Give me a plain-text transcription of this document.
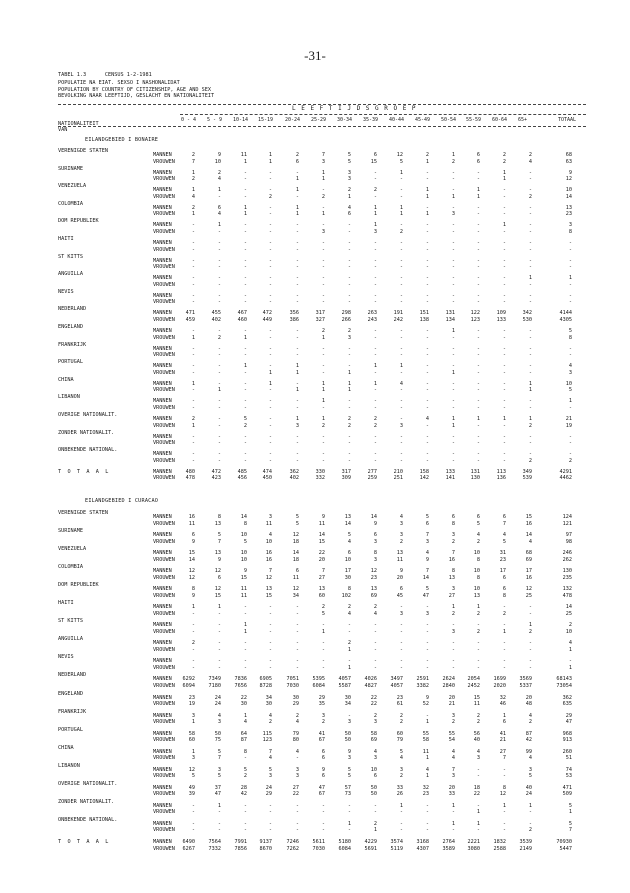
-31-
TABEL 1.3      CENSUS 1-2-1981
POPULATIE NA EIAT. SEXSO I NASHONALIDAT
POPULATION BY COUNTRY OF CITIZENSHIP, AGE AND SEX
BEVOLKING NAAR LEEFTIJD, GESLACHT EN NATIONALITEIT
L E E F T I J D S G R O E P
NATIONALITEIT
VAN
0 - 4 5 - 9 10-14 15-19 20-24 25-29 30-34 35-39 40-44 45-49 50-54 55-59 60-64 65+	TOTAAL
EILANDGEBIED I BONAIRE
EILANDGEBIED I CURACAO
VERENIGDE STATEN
MANNEN	2	9	11	1	2	7	5	6	12	2	1	6	2	2	68
VROUWEN	7	10	1	1	6	3	5	15	5	1	2	6	2	4	63
SURINAME
MANNEN	1	2	-	-	-	1	3	-	1	-	-	-	1	-	9
VROUWEN	2	4	-	-	1	1	3	-	-	-	-	-	1	-	12
VENEZUELA
MANNEN	1	1	-	-	1	-	2	2	-	1	-	1	-	-	10
VROUWEN	4	-	-	2	-	2	1	-	-	1	1	1	-	2	14
COLOMBIA
MANNEN	2	6	1	-	1	-	4	1	1	-	-	-	-	-	13
VROUWEN	1	4	1	-	1	1	6	1	1	1	3	-	-	-	23
DOM REPUBLIEK
MANNEN	-	1	-	-	-	-	-	1	-	-	-	-	1	-	3
VROUWEN	-	-	-	-	-	3	-	3	2	-	-	-	-	-	8
HAITI
MANNEN	-	-	-	-	-	-	-	-	-	-	-	-	-	-	-
VROUWEN	-	-	-	-	-	-	-	-	-	-	-	-	-	-	-
ST KITTS
MANNEN	-	-	-	-	-	-	-	-	-	-	-	-	-	-	-
VROUWEN	-	-	-	-	-	-	-	-	-	-	-	-	-	-	-
ANGUILLA
MANNEN	-	-	-	-	-	-	-	-	-	-	-	-	-	1	1
VROUWEN	-	-	-	-	-	-	-	-	-	-	-	-	-	-	-
NEVIS
MANNEN	-	-	-	-	-	-	-	-	-	-	-	-	-	-	-
VROUWEN	-	-	-	-	-	-	-	-	-	-	-	-	-	-	-
NEDERLAND
MANNEN	471	455	467	472	356	317	298	263	191	151	131	122	109	342	4144
VROUWEN	459	402	460	449	386	327	266	243	242	138	134	123	133	530	4305
ENGELAND
MANNEN	-	-	-	-	-	2	2	-	-	-	1	-	-	-	5
VROUWEN	1	2	1	-	-	1	3	-	-	-	-	-	-	-	8
FRANKRIJK
MANNEN	-	-	-	-	-	-	-	-	-	-	-	-	-	-	-
VROUWEN	-	-	-	-	-	-	-	-	-	-	-	-	-	-	-
PORTUGAL
MANNEN	-	-	1	-	1	-	-	1	1	-	-	-	-	-	4
VROUWEN	-	-	-	1	1	-	1	-	-	-	1	-	-	-	3
CHINA
MANNEN	1	-	-	1	-	1	1	1	4	-	-	-	-	1	10
VROUWEN	-	1	-	-	1	1	1	-	-	-	-	-	-	1	5
LIBANON
MANNEN	-	-	-	-	-	1	-	-	-	-	-	-	-	-	1
VROUWEN	-	-	-	-	-	-	-	-	-	-	-	-	-	-	-
OVERIGE NATIONALIT.
MANNEN	2	-	5	-	1	1	2	2	-	4	1	1	1	1	21
VROUWEN	1	-	2	-	3	2	2	2	3	-	1	-	-	2	19
ZONDER NATIONALIT.
MANNEN	-	-	-	-	-	-	-	-	-	-	-	-	-	-	-
VROUWEN	-	-	-	-	-	-	-	-	-	-	-	-	-	-	-
ONBEKENDE NATIONAL.
MANNEN	-	-	-	-	-	-	-	-	-	-	-	-	-	-	-
VROUWEN	-	-	-	-	-	-	-	-	-	-	-	-	-	2	2
T O T A A L	MANNEN	480	472	485	474	362	330	317	277	210	158	133	131	113	349	4291
VROUWEN	478	423	456	450	402	332	309	259	251	142	141	130	136	539	4462
VERENIGDE STATEN
MANNEN	16	8	14	3	5	9	13	14	4	5	6	6	6	15	124
VROUWEN	11	13	8	11	5	11	14	9	3	6	8	5	7	16	121
SURINAME
MANNEN	6	5	10	4	12	14	5	6	3	7	3	4	4	14	97
VROUWEN	9	7	5	10	18	15	4	3	2	3	2	2	5	4	98
VENEZUELA
MANNEN	15	13	10	16	14	22	6	8	13	4	7	10	31	68	246
VROUWEN	14	9	10	16	18	20	10	3	11	9	16	8	23	69	262
COLOMBIA
MANNEN	12	12	9	7	6	7	17	12	9	7	8	10	17	17	130
VROUWEN	12	6	15	12	11	27	30	23	20	14	13	8	6	16	235
DOM REPUBLIEK
MANNEN	8	12	11	13	12	13	8	13	6	5	3	10	6	12	132
VROUWEN	9	15	11	15	34	60	102	69	45	47	27	13	8	25	478
HAITI
MANNEN	1	1	-	-	-	2	2	2	-	-	1	1	-	-	14
VROUWEN	-	-	-	-	-	5	4	4	3	3	2	2	2	-	25
ST KITTS
MANNEN	-	-	1	-	-	-	-	-	-	-	-	-	-	1	2
VROUWEN	-	-	1	-	-	1	-	-	-	-	3	2	1	2	10
ANGUILLA
MANNEN	2	-	-	-	-	-	2	-	-	-	-	-	-	-	4
VROUWEN	-	-	-	-	-	-	1	-	-	-	-	-	-	-	1
NEVIS
MANNEN	-	-	-	-	-	-	-	-	-	-	-	-	-	-	-
VROUWEN	-	-	-	-	-	-	1	-	-	-	-	-	-	-	1
NEDERLAND
MANNEN	6292	7349	7836	6905	7051	5395	4057	4026	3497	2591	2624	2054	1699	3569	68143
VROUWEN	6094	7180	7656	8728	7030	6084	5587	4827	4057	3382	2840	2452	2020	5337	73054
ENGELAND
MANNEN	23	24	22	34	30	29	30	22	23	9	20	15	32	20	362
VROUWEN	19	24	30	30	29	35	34	22	61	52	21	11	46	48	635
FRANKRIJK
MANNEN	3	4	1	4	2	3	-	2	2	-	3	2	1	4	29
VROUWEN	1	3	4	2	4	2	3	3	2	1	2	2	6	2	47
PORTUGAL
MANNEN	58	50	64	115	79	41	50	58	60	55	55	56	41	87	968
VROUWEN	60	75	87	123	80	67	50	69	79	58	54	40	21	42	913
CHINA
MANNEN	1	5	8	7	4	6	9	4	5	11	4	4	27	99	260
VROUWEN	3	7	-	4	-	6	3	3	4	1	4	3	7	4	51
LIBANON
MANNEN	12	3	5	5	3	9	5	10	3	4	7	-	-	3	74
VROUWEN	5	5	2	3	3	6	5	6	2	1	3	-	-	5	53
OVERIGE NATIONALIT.
MANNEN	49	37	28	24	27	47	57	50	33	32	20	18	8	40	471
VROUWEN	39	47	42	29	22	67	73	50	26	23	33	22	12	24	509
ZONDER NATIONALIT.
MANNEN	-	1	-	-	-	-	-	-	1	-	1	-	1	1	5
VROUWEN	-	-	-	-	-	-	-	-	-	-	-	1	-	-	1
ONBEKENDE NATIONAL.
MANNEN	-	-	-	-	-	-	1	2	-	-	1	1	-	-	5
VROUWEN	-	-	-	-	-	-	-	1	-	-	-	-	-	2	7
T O T A A L	MANNEN	6490	7564	7991	9137	7246	5611	5180	4229	3574	3168	2764	2221	1832	3539	70930
VROUWEN	6267	7332	7856	8670	7262	7030	6084	5691	5119	4307	3589	3080	2588	2149	5447
